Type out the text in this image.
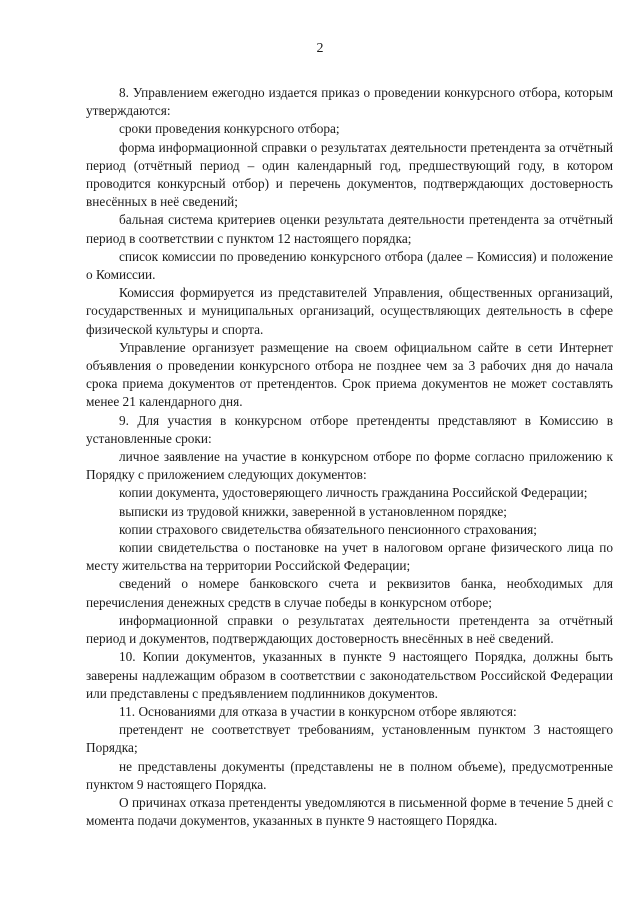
2

8. Управлением ежегодно издается приказ о проведении конкурсного отбора, которым утверждаются:

сроки проведения конкурсного отбора;

форма информационной справки о результатах деятельности претендента за отчётный период (отчётный период – один календарный год, предшествующий году, в котором проводится конкурсный отбор) и перечень документов, подтверждающих достоверность внесённых в неё сведений;

бальная система критериев оценки результата деятельности претендента за отчётный период в соответствии с пунктом 12 настоящего порядка;

список комиссии по проведению конкурсного отбора (далее – Комиссия) и положение о Комиссии.

Комиссия формируется из представителей Управления, общественных организаций, государственных и муниципальных организаций, осуществляющих деятельность в сфере физической культуры и спорта.

Управление организует размещение на своем официальном сайте в сети Интернет объявления о проведении конкурсного отбора не позднее чем за 3 рабочих дня до начала срока приема документов от претендентов. Срок приема документов не может составлять менее 21 календарного дня.

9. Для участия в конкурсном отборе претенденты представляют в Комиссию в установленные сроки:

личное заявление на участие в конкурсном отборе по форме согласно приложению к Порядку с приложением следующих документов:

копии документа, удостоверяющего личность гражданина Российской Федерации;

выписки из трудовой книжки, заверенной в установленном порядке;

копии страхового свидетельства обязательного пенсионного страхования;

копии свидетельства о постановке на учет в налоговом органе физического лица по месту жительства на территории Российской Федерации;

сведений о номере банковского счета и реквизитов банка, необходимых для перечисления денежных средств в случае победы в конкурсном отборе;

информационной справки о результатах деятельности претендента за отчётный период и документов, подтверждающих достоверность внесённых в неё сведений.

10. Копии документов, указанных в пункте 9 настоящего Порядка, должны быть заверены надлежащим образом в соответствии с законодательством Российской Федерации или представлены с предъявлением подлинников документов.

11. Основаниями для отказа в участии в конкурсном отборе являются:

претендент не соответствует требованиям, установленным пунктом 3 настоящего Порядка;

не представлены документы (представлены не в полном объеме), предусмотренные пунктом 9 настоящего Порядка.

О причинах отказа претенденты уведомляются в письменной форме в течение 5 дней с момента подачи документов, указанных в пункте 9 настоящего Порядка.
